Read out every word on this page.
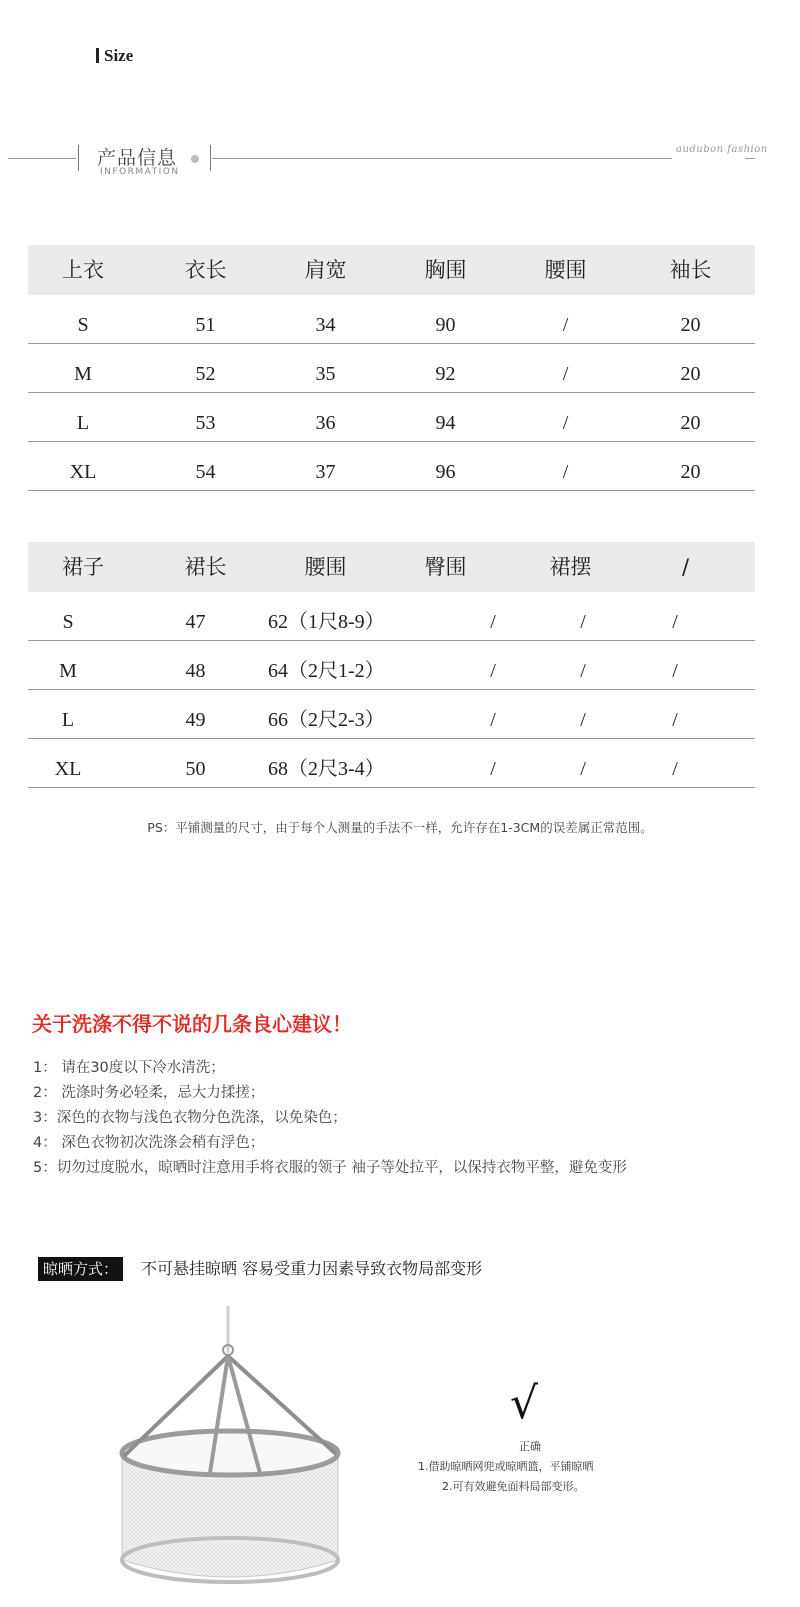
Size
产品信息
INFORMATION
audubon fashion
上衣	衣长	肩宽	胸围	腰围	袖长
S	51	34	90	/	20
M	52	35	92	/	20
L	53	36	94	/	20
XL	54	37	96	/	20
裙子	裙长	腰围	臀围	裙摆	/
S	47	62（1尺8-9）	/	/	/
M	48	64（2尺1-2）	/	/	/
L	49	66（2尺2-3）	/	/	/
XL	50	68（2尺3-4）	/	/	/
PS：平铺测量的尺寸，由于每个人测量的手法不一样，允许存在1-3CM的误差属正常范围。
关于洗涤不得不说的几条良心建议！
1： 请在30度以下冷水清洗；
2： 洗涤时务必轻柔，忌大力揉搓；
3：深色的衣物与浅色衣物分色洗涤，以免染色；
4： 深色衣物初次洗涤会稍有浮色；
5：切勿过度脱水，晾晒时注意用手将衣服的领子 袖子等处拉平，以保持衣物平整，避免变形
晾晒方式：	不可悬挂晾晒 容易受重力因素导致衣物局部变形
√
正确
1.借助晾晒网兜或晾晒篮，平铺晾晒
2.可有效避免面料局部变形。
